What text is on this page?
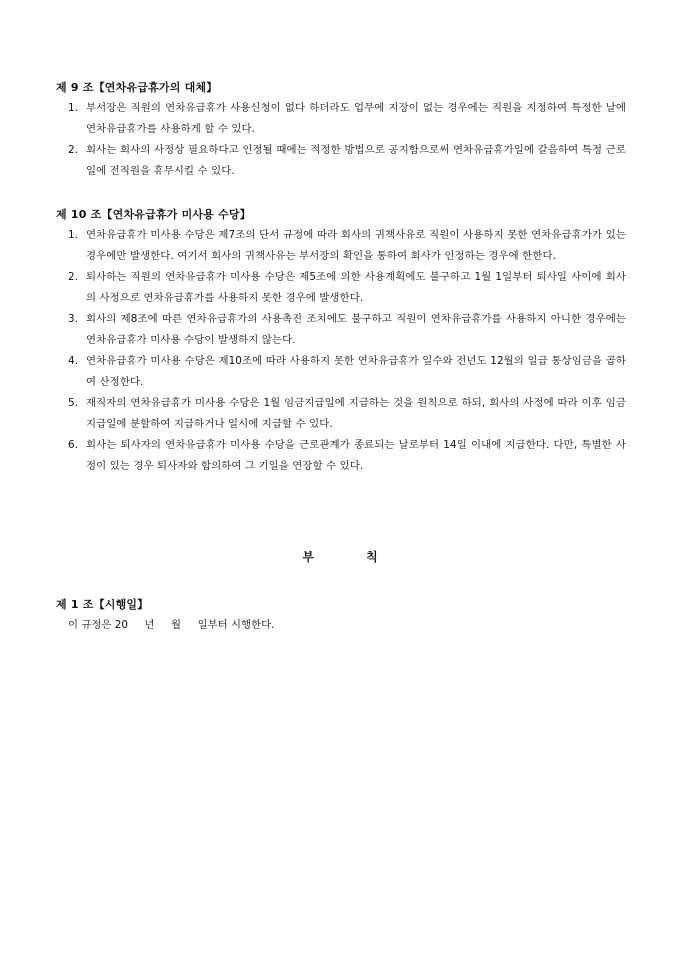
제 9 조【연차유급휴가의 대체】
1. 부서장은 직원의 연차유급휴가 사용신청이 없다 하더라도 업무에 지장이 없는 경우에는 직원을 지정하여 특정한 날에 연차유급휴가를 사용하게 할 수 있다.
2. 회사는 회사의 사정상 필요하다고 인정될 때에는 적정한 방법으로 공지함으로써 연차유급휴가일에 갈음하여 특정 근로일에 전직원을 휴무시킬 수 있다.
제 10 조【연차유급휴가 미사용 수당】
1. 연차유급휴가 미사용 수당은 제7조의 단서 규정에 따라 회사의 귀책사유로 직원이 사용하지 못한 연차유급휴가가 있는 경우에만 발생한다. 여기서 회사의 귀책사유는 부서장의 확인을 통하여 회사가 인정하는 경우에 한한다.
2. 퇴사하는 직원의 연차유급휴가 미사용 수당은 제5조에 의한 사용계획에도 불구하고 1월 1일부터 퇴사일 사이에 회사의 사정으로 연차유급휴가를 사용하지 못한 경우에 발생한다.
3. 회사의 제8조에 따른 연차유급휴가의 사용촉진 조치에도 불구하고 직원이 연차유급휴가를 사용하지 아니한 경우에는 연차유급휴가 미사용 수당이 발생하지 않는다.
4. 연차유급휴가 미사용 수당은 제10조에 따라 사용하지 못한 연차유급휴가 일수와 전년도 12월의 일급 통상임금을 곱하여 산정한다.
5. 재직자의 연차유급휴가 미사용 수당은 1월 임금지급일에 지급하는 것을 원칙으로 하되, 회사의 사정에 따라 이후 임금지급일에 분할하여 지급하거나 일시에 지급할 수 있다.
6. 회사는 퇴사자의 연차유급휴가 미사용 수당을 근로관계가 종료되는 날로부터 14일 이내에 지급한다. 다만, 특별한 사정이 있는 경우 퇴사자와 합의하여 그 기일을 연장할 수 있다.
부 칙
제 1 조【시행일】
이 규정은 20     년     월     일부터 시행한다.
